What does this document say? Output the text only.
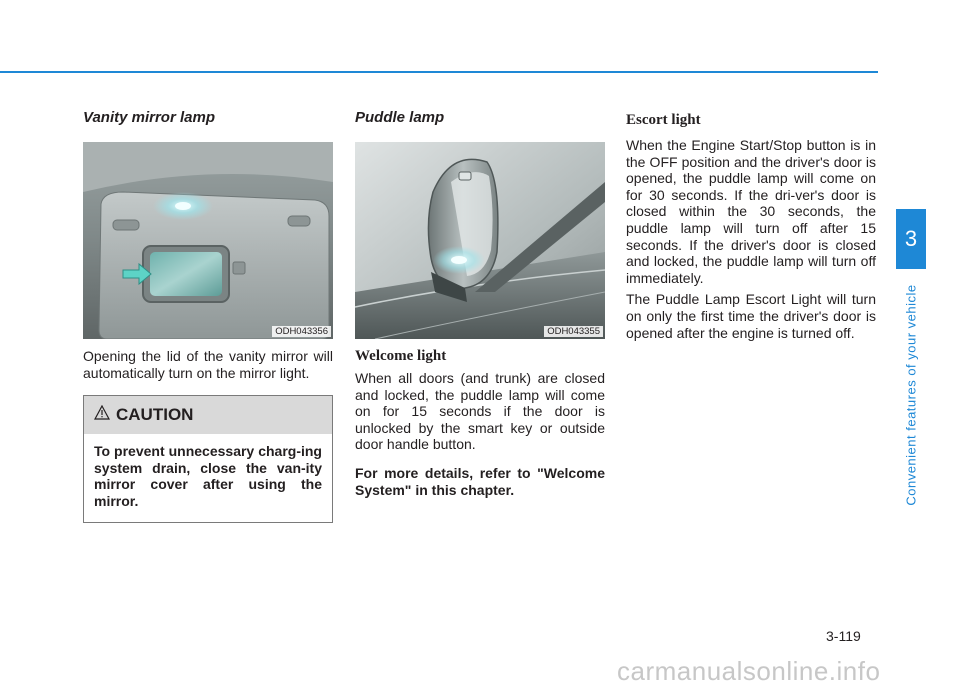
Vanity mirror lamp
ODH043356

Opening the lid of the vanity mirror will automatically turn on the mirror light.

CAUTION
To prevent unnecessary charg-ing system drain, close the van-ity mirror cover after using the mirror.
Puddle lamp
ODH043355
Welcome light

When all doors (and trunk) are closed and locked, the puddle lamp will come on for 15 seconds if the door is unlocked by the smart key or outside door handle button.

For more details, refer to "Welcome System" in this chapter.

Escort light

When the Engine Start/Stop button is in the OFF position and the driver's door is opened, the puddle lamp will come on for 30 seconds. If the dri-ver's door is closed within the 30 seconds, the puddle lamp will turn off after 15 seconds. If the driver's door is closed and locked, the puddle lamp will turn off immediately.

The Puddle Lamp Escort Light will turn on only the first time the driver's door is opened after the engine is turned off.

3
Convenient features of your vehicle
3-119
carmanualsonline.info
